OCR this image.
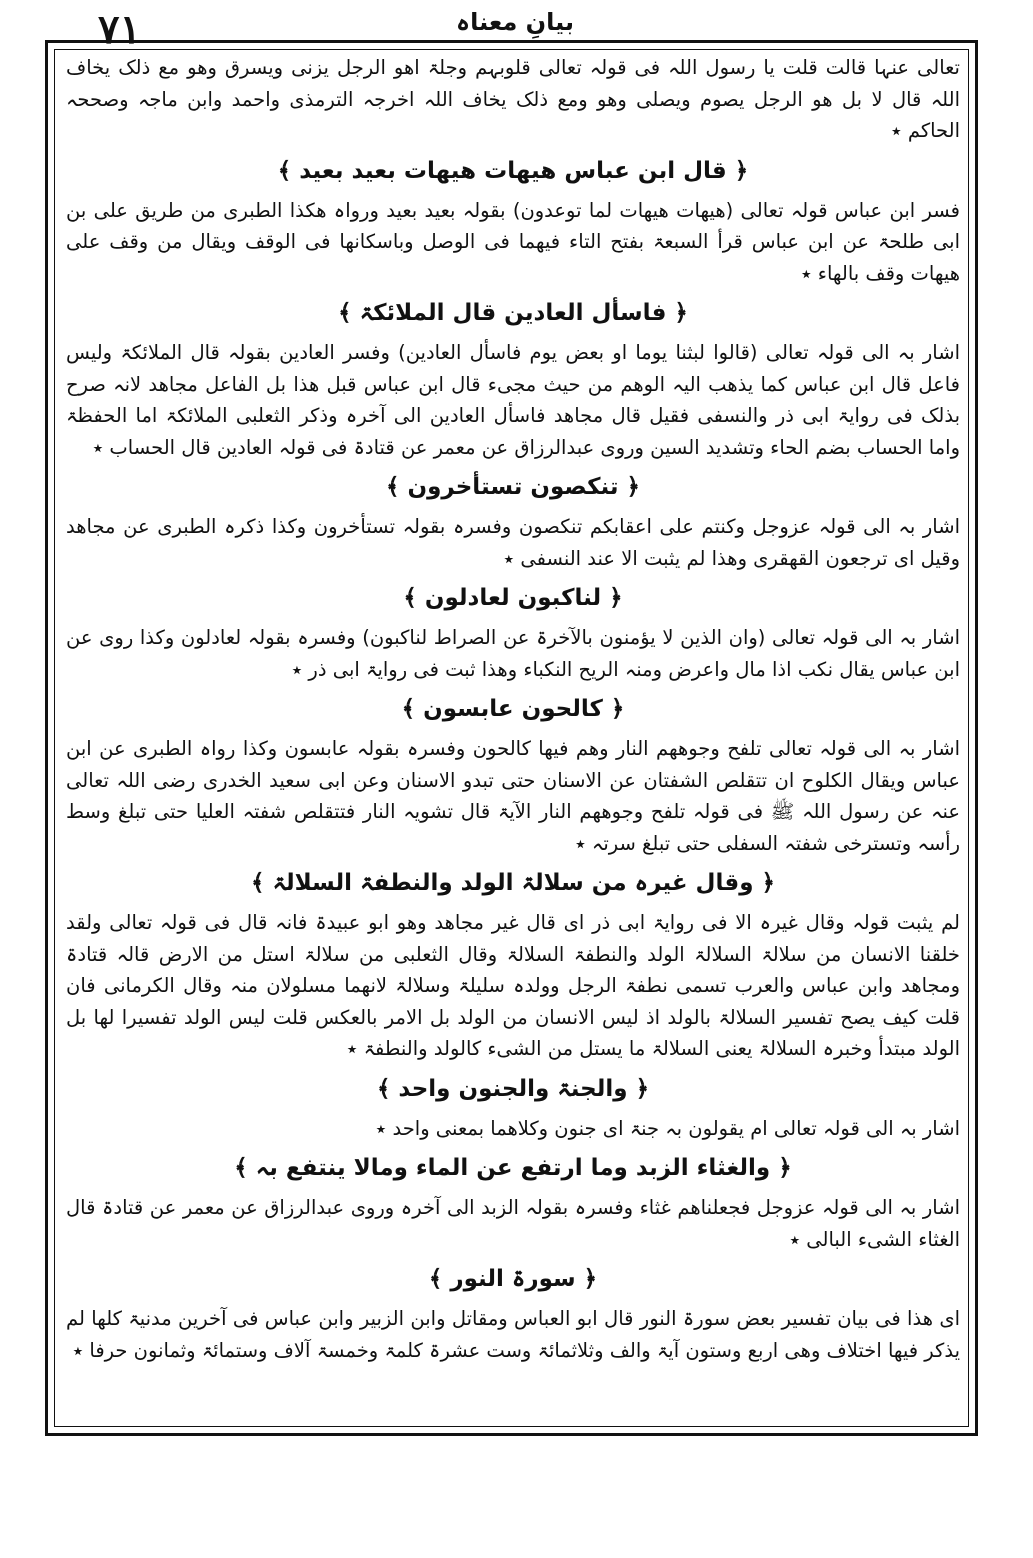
٧١	بیانِ معناہ

تعالی عنہا قالت قلت یا رسول اللہ فی قولہ تعالی قلوبہم وجلۃ اھو الرجل یزنی ویسرق وھو مع ذلک یخاف اللہ قال لا بل ھو الرجل یصوم ویصلی وھو ومع ذلک یخاف اللہ اخرجہ الترمذی واحمد وابن ماجہ وصححہ الحاکم ٭

﴿ قال ابن عباس ھیھات ھیھات بعید بعید ﴾

فسر ابن عباس قولہ تعالی (ھیھات ھیھات لما توعدون) بقولہ بعید بعید ورواہ ھکذا الطبری من طریق علی بن ابی طلحۃ عن ابن عباس قرأ السبعۃ بفتح التاء فیھما فی الوصل وباسکانھا فی الوقف ویقال من وقف علی ھیھات وقف بالھاء ٭

﴿ فاسأل العادین قال الملائکۃ ﴾

اشار بہ الی قولہ تعالی (قالوا لبثنا یوما او بعض یوم فاسأل العادین) وفسر العادین بقولہ قال الملائکۃ ولیس فاعل قال ابن عباس کما یذھب الیہ الوھم من حیث مجیء قال ابن عباس قبل ھذا بل الفاعل مجاھد لانہ صرح بذلک فی روایۃ ابی ذر والنسفی فقیل قال مجاھد فاسأل العادین الی آخرہ وذکر الثعلبی الملائکۃ اما الحفظۃ واما الحساب بضم الحاء وتشدید السین وروی عبدالرزاق عن معمر عن قتادۃ فی قولہ العادین قال الحساب ٭

﴿ تنکصون تستأخرون ﴾

اشار بہ الی قولہ عزوجل وکنتم علی اعقابکم تنکصون وفسرہ بقولہ تستأخرون وکذا ذکرہ الطبری عن مجاھد وقیل ای ترجعون القھقری وھذا لم یثبت الا عند النسفی ٭

﴿ لناکبون لعادلون ﴾

اشار بہ الی قولہ تعالی (وان الذین لا یؤمنون بالآخرۃ عن الصراط لناکبون) وفسرہ بقولہ لعادلون وکذا روی عن ابن عباس یقال نکب اذا مال واعرض ومنہ الریح النکباء وھذا ثبت فی روایۃ ابی ذر ٭

﴿ کالحون عابسون ﴾

اشار بہ الی قولہ تعالی تلفح وجوھھم النار وھم فیھا کالحون وفسرہ بقولہ عابسون وکذا رواہ الطبری عن ابن عباس ویقال الکلوح ان تتقلص الشفتان عن الاسنان حتی تبدو الاسنان وعن ابی سعید الخدری رضی اللہ تعالی عنہ عن رسول اللہ ﷺ فی قولہ تلفح وجوھھم النار الآیۃ قال تشویہ النار فتتقلص شفتہ العلیا حتی تبلغ وسط رأسہ وتسترخی شفتہ السفلی حتی تبلغ سرتہ ٭

﴿ وقال غیرہ من سلالۃ الولد والنطفۃ السلالۃ ﴾

لم یثبت قولہ وقال غیرہ الا فی روایۃ ابی ذر ای قال غیر مجاھد وھو ابو عبیدۃ فانہ قال فی قولہ تعالی ولقد خلقنا الانسان من سلالۃ السلالۃ الولد والنطفۃ السلالۃ وقال الثعلبی من سلالۃ استل من الارض قالہ قتادۃ ومجاھد وابن عباس والعرب تسمی نطفۃ الرجل وولدہ سلیلۃ وسلالۃ لانھما مسلولان منہ وقال الکرمانی فان قلت کیف یصح تفسیر السلالۃ بالولد اذ لیس الانسان من الولد بل الامر بالعکس قلت لیس الولد تفسیرا لھا بل الولد مبتدأ وخبرہ السلالۃ یعنی السلالۃ ما یستل من الشیء کالولد والنطفۃ ٭

﴿ والجنۃ والجنون واحد ﴾

اشار بہ الی قولہ تعالی ام یقولون بہ جنۃ ای جنون وکلاھما بمعنی واحد ٭

﴿ والغثاء الزبد وما ارتفع عن الماء ومالا ینتفع بہ ﴾

اشار بہ الی قولہ عزوجل فجعلناھم غثاء وفسرہ بقولہ الزبد الی آخرہ وروی عبدالرزاق عن معمر عن قتادۃ قال الغثاء الشیء البالی ٭

﴿ سورۃ النور ﴾

ای ھذا فی بیان تفسیر بعض سورۃ النور قال ابو العباس ومقاتل وابن الزبیر وابن عباس فی آخرین مدنیۃ کلھا لم یذکر فیھا اختلاف وھی اربع وستون آیۃ والف وثلاثمائۃ وست عشرۃ کلمۃ وخمسۃ آلاف وستمائۃ وثمانون حرفا ٭
